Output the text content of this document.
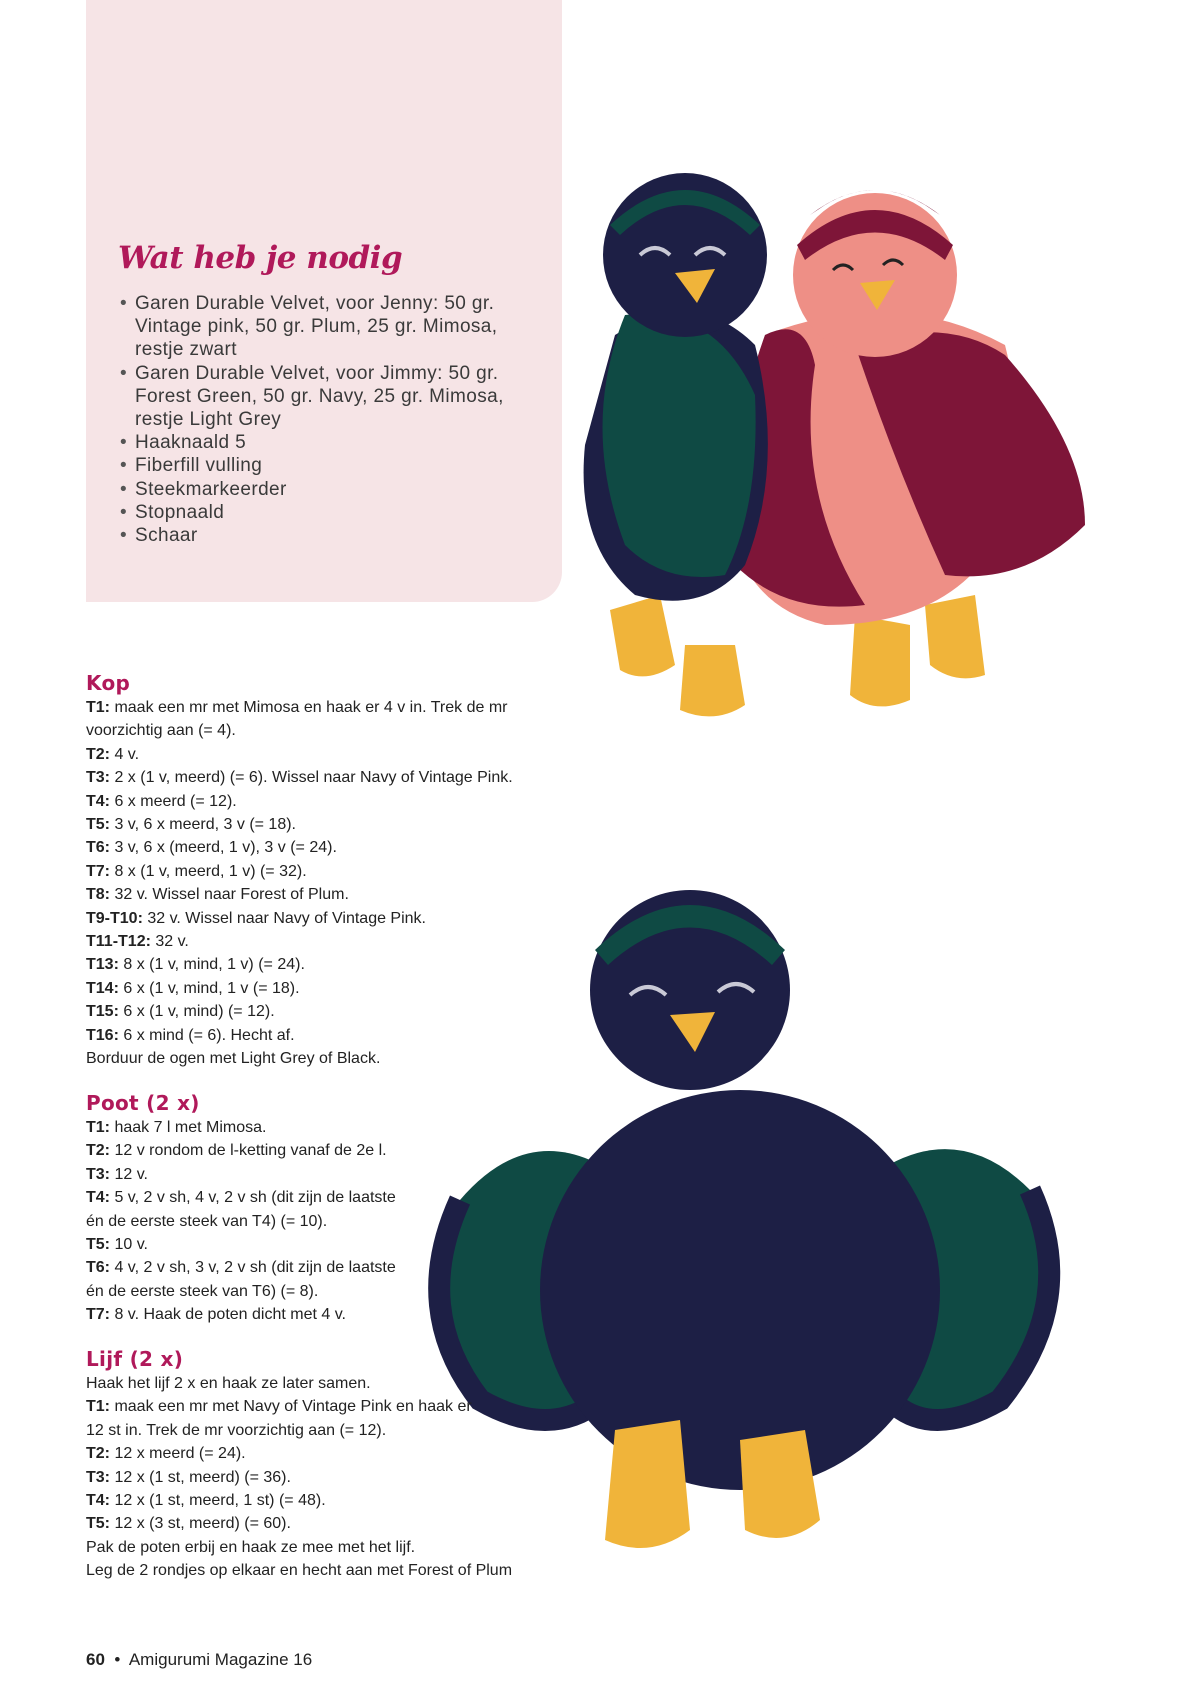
Wat heb je nodig
• Garen Durable Velvet, voor Jenny: 50 gr. Vintage pink, 50 gr. Plum, 25 gr. Mimosa, restje zwart
• Garen Durable Velvet, voor Jimmy: 50 gr. Forest Green, 50 gr. Navy, 25 gr. Mimosa, restje Light Grey
• Haaknaald 5
• Fiberfill vulling
• Steekmarkeerder
• Stopnaald
• Schaar
Kop
T1: maak een mr met Mimosa en haak er 4 v in. Trek de mr voorzichtig aan (= 4).
T2: 4 v.
T3: 2 x (1 v, meerd) (= 6). Wissel naar Navy of Vintage Pink.
T4: 6 x meerd (= 12).
T5: 3 v, 6 x meerd, 3 v (= 18).
T6: 3 v, 6 x (meerd, 1 v), 3 v (= 24).
T7: 8 x (1 v, meerd, 1 v) (= 32).
T8: 32 v. Wissel naar Forest of Plum.
T9-T10: 32 v. Wissel naar Navy of Vintage Pink.
T11-T12: 32 v.
T13: 8 x (1 v, mind, 1 v) (= 24).
T14: 6 x (1 v, mind, 1 v (= 18).
T15: 6 x (1 v, mind) (= 12).
T16: 6 x mind (= 6). Hecht af.
Borduur de ogen met Light Grey of Black.
Poot (2 x)
T1: haak 7 l met Mimosa.
T2: 12 v rondom de l-ketting vanaf de 2e l.
T3: 12 v.
T4: 5 v, 2 v sh, 4 v, 2 v sh (dit zijn de laatste én de eerste steek van T4) (= 10).
T5: 10 v.
T6: 4 v, 2 v sh, 3 v, 2 v sh (dit zijn de laatste én de eerste steek van T6) (= 8).
T7: 8 v. Haak de poten dicht met 4 v.
Lijf (2 x)
Haak het lijf 2 x en haak ze later samen.
T1: maak een mr met Navy of Vintage Pink en haak er 12 st in. Trek de mr voorzichtig aan (= 12).
T2: 12 x meerd (= 24).
T3: 12 x (1 st, meerd) (= 36).
T4: 12 x (1 st, meerd, 1 st) (= 48).
T5: 12 x (3 st, meerd) (= 60).
Pak de poten erbij en haak ze mee met het lijf.
Leg de 2 rondjes op elkaar en hecht aan met Forest of Plum
60 • Amigurumi Magazine 16
